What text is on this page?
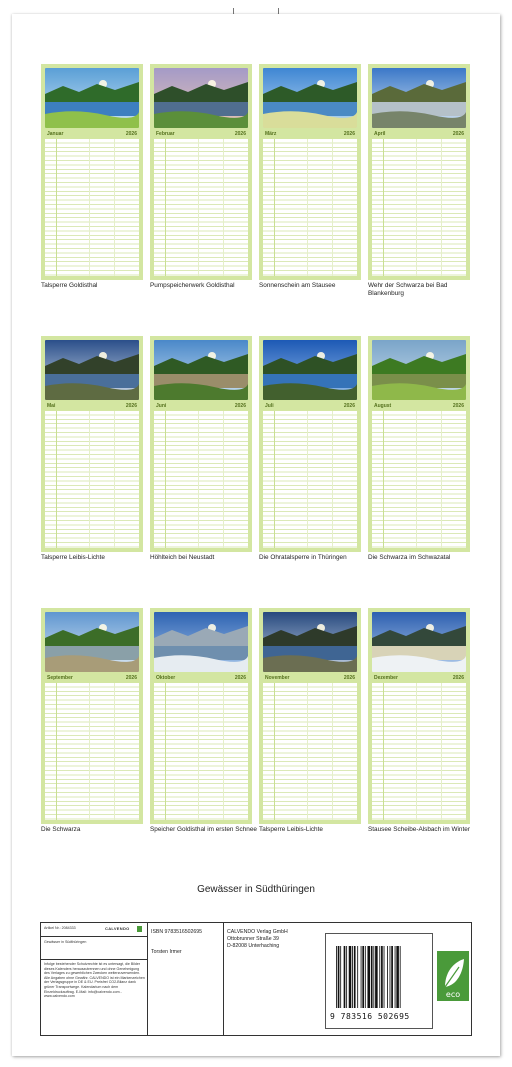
Januar	2026
Talsperre Goldisthal
Februar	2026
Pumpspeicherwerk Goldisthal
März	2026
Sonnenschein am Stausee
April	2026
Wehr der Schwarza bei Bad Blankenburg
Mai	2026
Talsperre Leibis-Lichte
Juni	2026
Höhlteich bei Neustadt
Juli	2026
Die Ohratalsperre in Thüringen
August	2026
Die Schwarza im Schwazatal
September	2026
Die Schwarza
Oktober	2026
Speicher Goldisthal im ersten Schnee
November	2026
Talsperre Leibis-Lichte
Dezember	2026
Stausee Scheibe-Alsbach im Winter
Gewässer in Südthüringen
Artikel Nr.: 2084333	CALVENDO
Gewässer in Südthüringen
Infolge bestehender Schutzrechte ist es untersagt, die Bilder dieses Kalenders herauszutrennen und ohne Genehmigung des Verlages zu gewerblichen Zwecken weiterzuverwenden. Alle Angaben ohne Gewähr. CALVENDO ist ein Markenzeichen der Verlagsgruppe in DE & EU. Preisfrei CO2-Bilanz dank grüner Transportwege. Kalendarium nach dem Einzeldruckauftrag. E-Mail: info@calvendo.com - www.calvendo.com
ISBN 9783516502695
Torsten Irmer
CALVENDO Verlag GmbH
Ottobrunner Straße 39
D-82008 Unterhaching
9 783516 502695
eco
